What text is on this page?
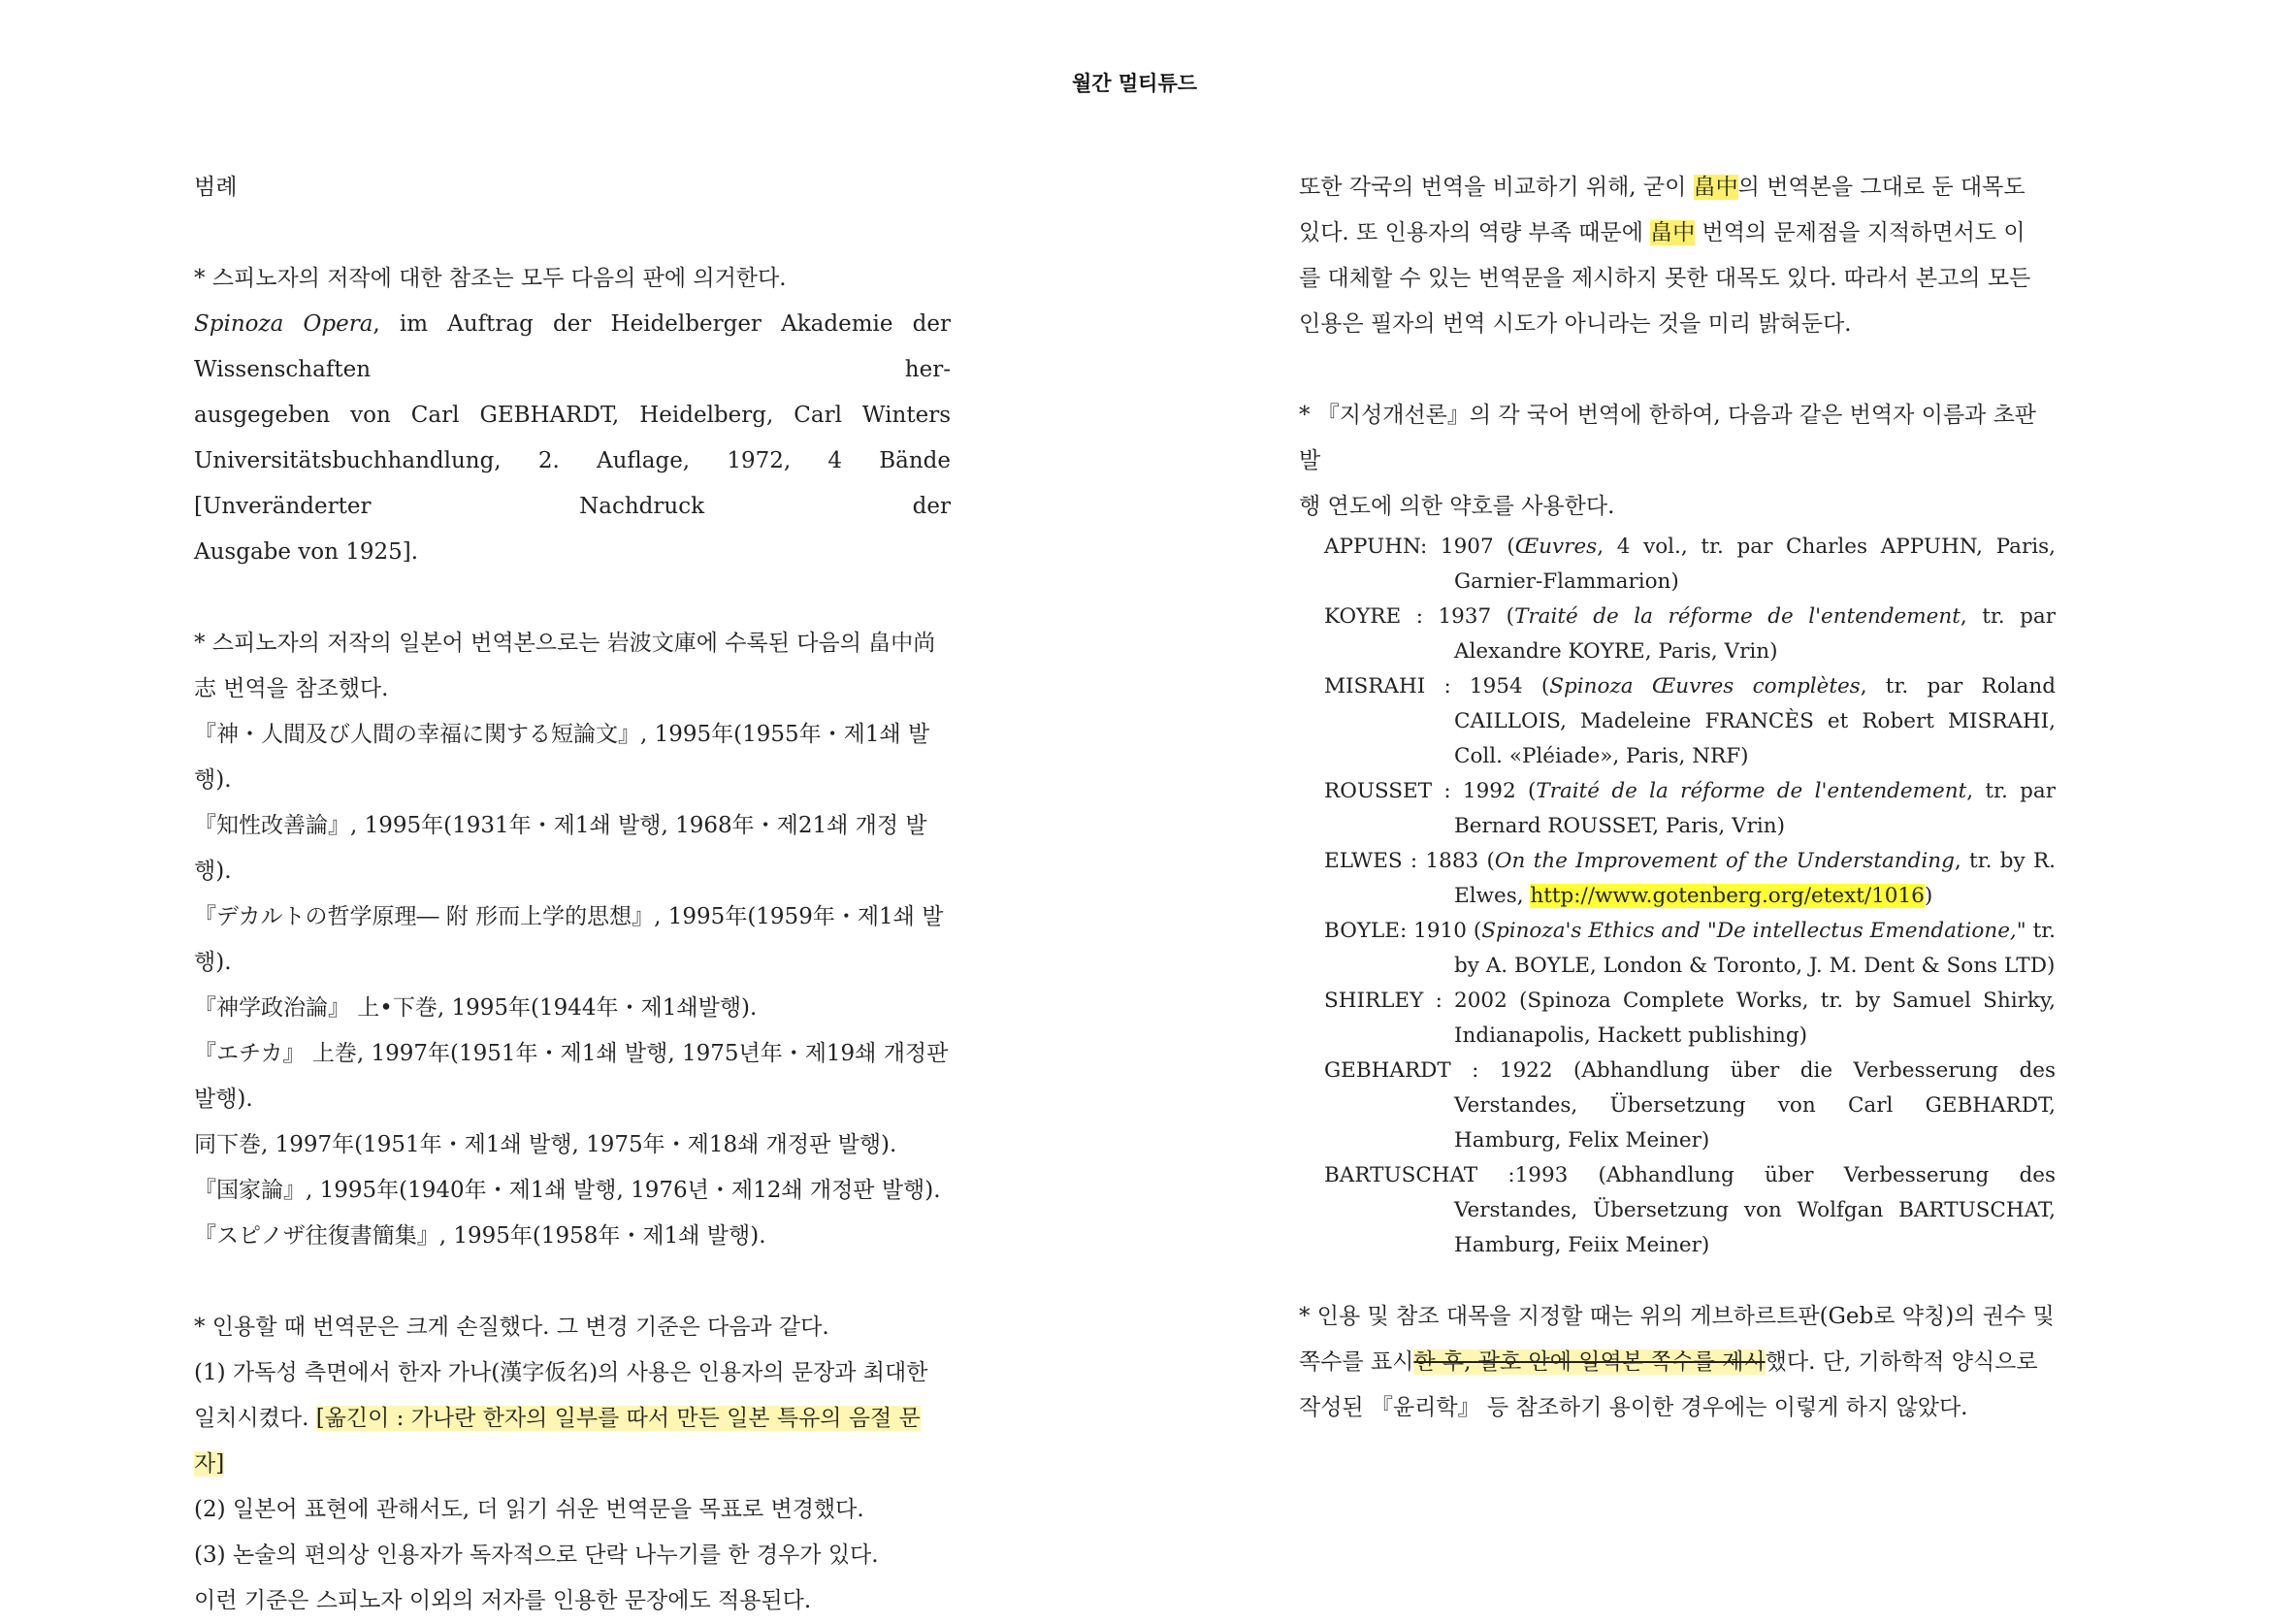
월간 멀티튜드

범례

* 스피노자의 저작에 대한 참조는 모두 다음의 판에 의거한다.

Spinoza Opera, im Auftrag der Heidelberger Akademie der Wissenschaften her-

ausgegeben von Carl GEBHARDT, Heidelberg, Carl Winters

Universitätsbuchhandlung, 2. Auflage, 1972, 4 Bände [Unveränderter Nachdruck der

Ausgabe von 1925].

* 스피노자의 저작의 일본어 번역본으로는 岩波文庫에 수록된 다음의 畠中尚

志 번역을 참조했다.

『神・人間及び人間の幸福に関する短論文』, 1995年(1955年・제1쇄 발행).

『知性改善論』, 1995年(1931年・제1쇄 발행, 1968年・제21쇄 개정 발행).

『デカルトの哲学原理― 附 形而上学的思想』, 1995年(1959年・제1쇄 발행).

『神学政治論』 上•下巻, 1995年(1944年・제1쇄발행).

『エチカ』 上巻, 1997年(1951年・제1쇄 발행, 1975년年・제19쇄 개정판 발행).

同下巻, 1997年(1951年・제1쇄 발행, 1975年・제18쇄 개정판 발행).

『国家論』, 1995年(1940年・제1쇄 발행, 1976년・제12쇄 개정판 발행).

『スピノザ往復書簡集』, 1995年(1958年・제1쇄 발행).

* 인용할 때 번역문은 크게 손질했다. 그 변경 기준은 다음과 같다.

(1) 가독성 측면에서 한자 가나(漢字仮名)의 사용은 인용자의 문장과 최대한

일치시켰다. [옮긴이 : 가나란 한자의 일부를 따서 만든 일본 특유의 음절 문

자]

(2) 일본어 표현에 관해서도, 더 읽기 쉬운 번역문을 목표로 변경했다.

(3) 논술의 편의상 인용자가 독자적으로 단락 나누기를 한 경우가 있다.

이런 기준은 스피노자 이외의 저자를 인용한 문장에도 적용된다.

또한 각국의 번역을 비교하기 위해, 굳이 畠中의 번역본을 그대로 둔 대목도

있다. 또 인용자의 역량 부족 때문에 畠中 번역의 문제점을 지적하면서도 이

를 대체할 수 있는 번역문을 제시하지 못한 대목도 있다. 따라서 본고의 모든

인용은 필자의 번역 시도가 아니라는 것을 미리 밝혀둔다.

* 『지성개선론』의 각 국어 번역에 한하여, 다음과 같은 번역자 이름과 초판 발

행 연도에 의한 약호를 사용한다.

APPUHN: 1907 (Œuvres, 4 vol., tr. par Charles APPUHN, Paris, Garnier-Flammarion)

KOYRE : 1937 (Traité de la réforme de l'entendement, tr. par Alexandre KOYRE, Paris, Vrin)

MISRAHI : 1954 (Spinoza Œuvres complètes, tr. par Roland CAILLOIS, Madeleine FRANCÈS et Robert MISRAHI, Coll. «Pléiade», Paris, NRF)

ROUSSET : 1992 (Traité de la réforme de l'entendement, tr. par Bernard ROUSSET, Paris, Vrin)

ELWES : 1883 (On the Improvement of the Understanding, tr. by R. Elwes, http://www.gotenberg.org/etext/1016)

BOYLE: 1910 (Spinoza's Ethics and "De intellectus Emendatione," tr. by A. BOYLE, London & Toronto, J. M. Dent & Sons LTD)

SHIRLEY : 2002 (Spinoza Complete Works, tr. by Samuel Shirky, Indianapolis, Hackett publishing)

GEBHARDT : 1922 (Abhandlung über die Verbesserung des Verstandes, Übersetzung von Carl GEBHARDT, Hamburg, Felix Meiner)

BARTUSCHAT :1993 (Abhandlung über Verbesserung des Verstandes, Übersetzung von Wolfgan BARTUSCHAT, Hamburg, Feiix Meiner)

* 인용 및 참조 대목을 지정할 때는 위의 게브하르트판(Geb로 약칭)의 권수 및

쪽수를 표시한 후, 괄호 안에 일역본 쪽수를 제시했다. 단, 기하학적 양식으로

작성된 『윤리학』 등 참조하기 용이한 경우에는 이렇게 하지 않았다.
